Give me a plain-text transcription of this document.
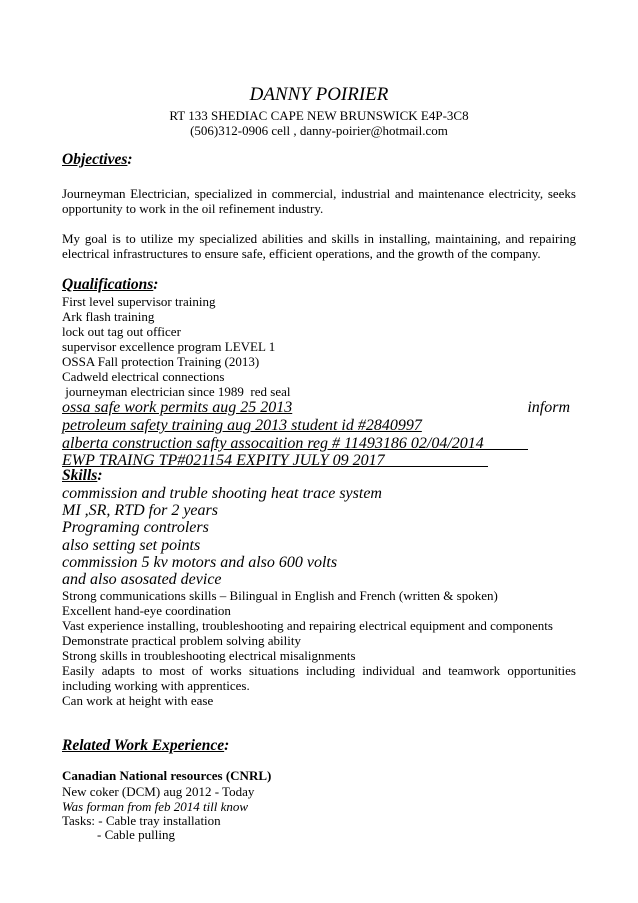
DANNY POIRIER
RT 133 SHEDIAC CAPE NEW BRUNSWICK E4P-3C8
(506)312-0906 cell , danny-poirier@hotmail.com
Objectives:
Journeyman Electrician, specialized in commercial, industrial and maintenance electricity, seeks
opportunity to work in the oil refinement industry.
My goal is to utilize my specialized abilities and skills in installing, maintaining, and repairing
electrical infrastructures to ensure safe, efficient operations, and the growth of the company.
Qualifications:
First level supervisor training
Ark flash training
lock out tag out officer
supervisor excellence program LEVEL 1
OSSA Fall protection Training (2013)
Cadweld electrical connections
journeyman electrician since 1989  red seal
ossa safe work permits aug 25 2013	inform
petroleum safety training aug 2013 student id #2840997
alberta construction safty assocaition reg # 11493186 02/04/2014
EWP TRAING TP#021154 EXPITY JULY 09 2017
Skills:
commission and truble shooting heat trace system
MI ,SR, RTD for 2 years
Programing controlers
also setting set points
commission 5 kv motors and also 600 volts
and also asosated device
Strong communications skills – Bilingual in English and French (written & spoken)
Excellent hand-eye coordination
Vast experience installing, troubleshooting and repairing electrical equipment and components
Demonstrate practical problem solving ability
Strong skills in troubleshooting electrical misalignments
Easily adapts to most of works situations including individual and teamwork opportunities
including working with apprentices.
Can work at height with ease
Related Work Experience:
Canadian National resources (CNRL)
New coker (DCM) aug 2012 - Today
Was forman from feb 2014 till know
Tasks: - Cable tray installation
- Cable pulling
